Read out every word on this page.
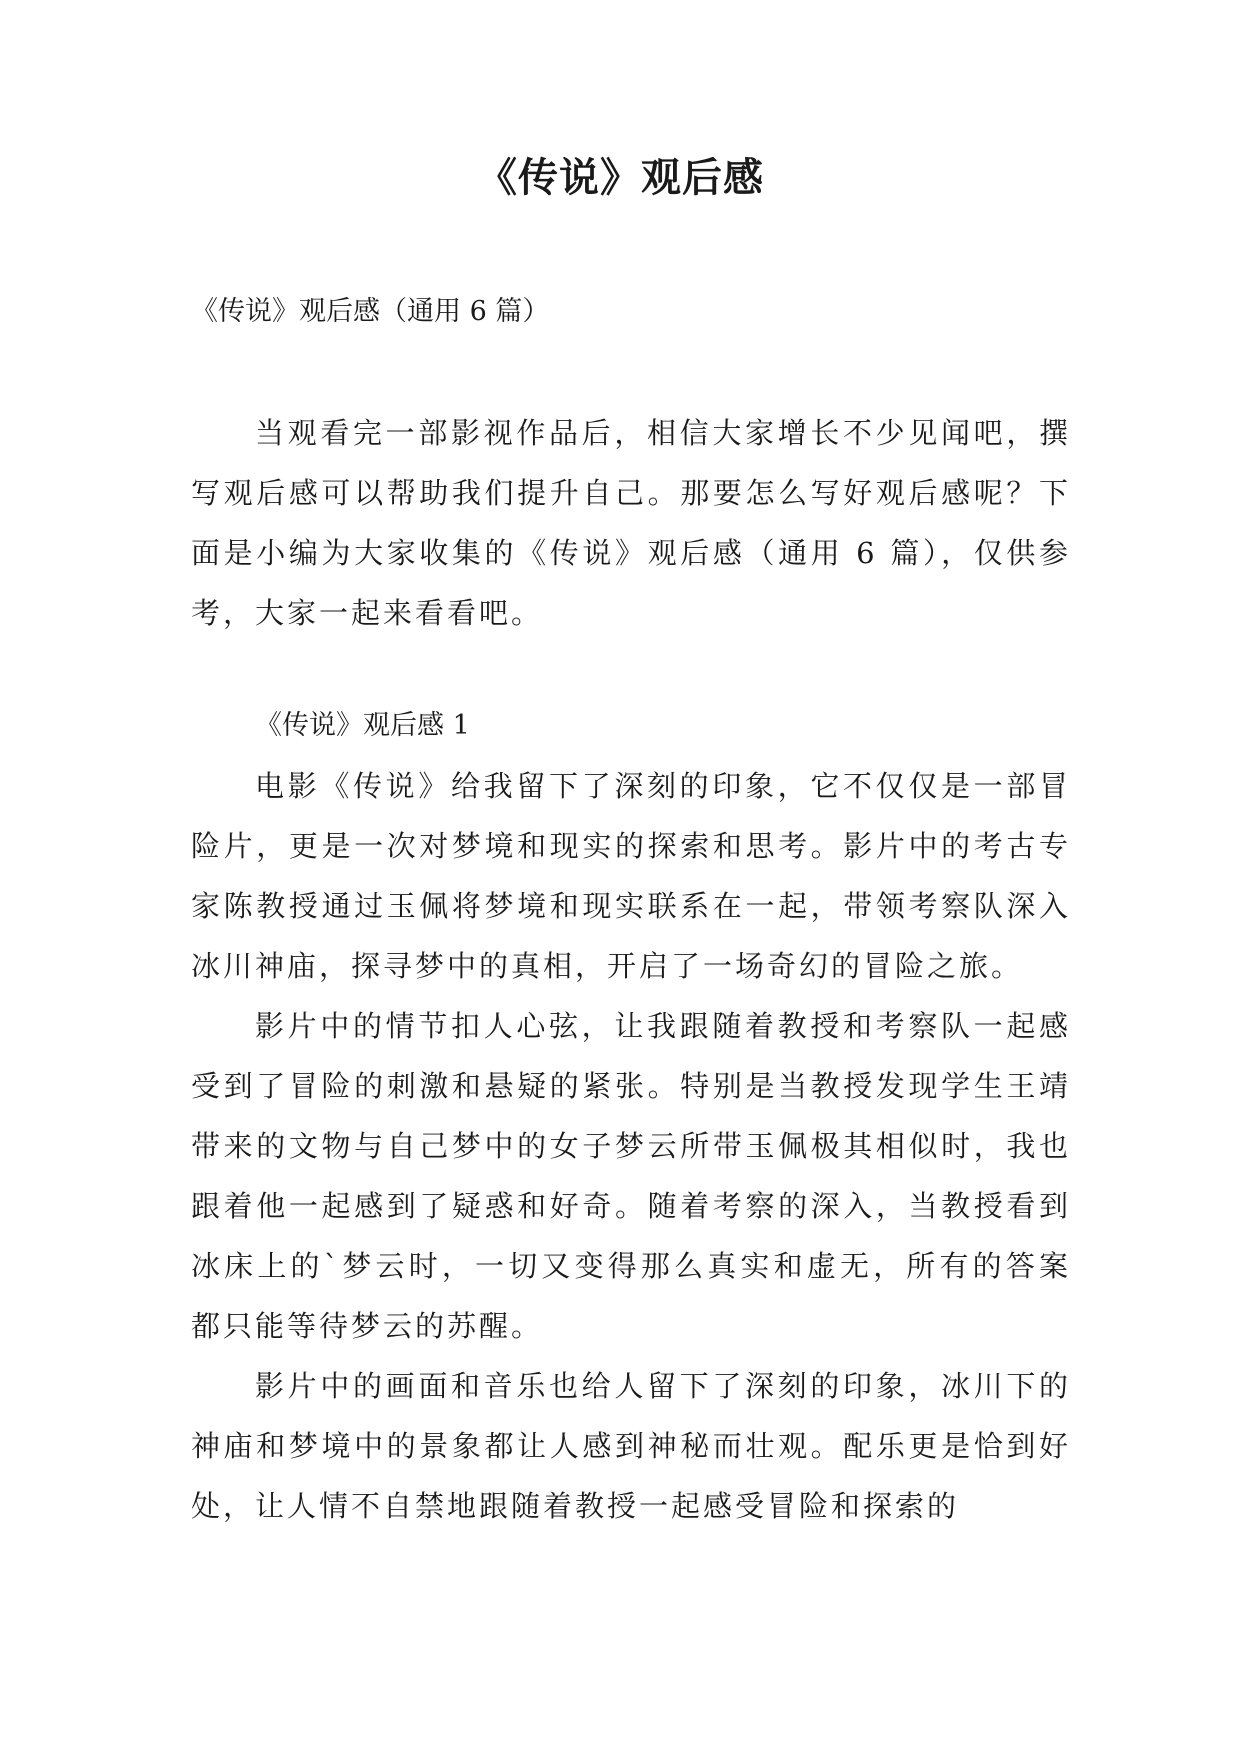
《传说》观后感

《传说》观后感（通用 6 篇）

当观看完一部影视作品后，相信大家增长不少见闻吧，撰写观后感可以帮助我们提升自己。那要怎么写好观后感呢？下面是小编为大家收集的《传说》观后感（通用 6 篇），仅供参考，大家一起来看看吧。

《传说》观后感 1

电影《传说》给我留下了深刻的印象，它不仅仅是一部冒险片，更是一次对梦境和现实的探索和思考。影片中的考古专家陈教授通过玉佩将梦境和现实联系在一起，带领考察队深入冰川神庙，探寻梦中的真相，开启了一场奇幻的冒险之旅。

影片中的情节扣人心弦，让我跟随着教授和考察队一起感受到了冒险的刺激和悬疑的紧张。特别是当教授发现学生王靖带来的文物与自己梦中的女子梦云所带玉佩极其相似时，我也跟着他一起感到了疑惑和好奇。随着考察的深入，当教授看到冰床上的`梦云时，一切又变得那么真实和虚无，所有的答案都只能等待梦云的苏醒。

影片中的画面和音乐也给人留下了深刻的印象，冰川下的神庙和梦境中的景象都让人感到神秘而壮观。配乐更是恰到好处，让人情不自禁地跟随着教授一起感受冒险和探索的
